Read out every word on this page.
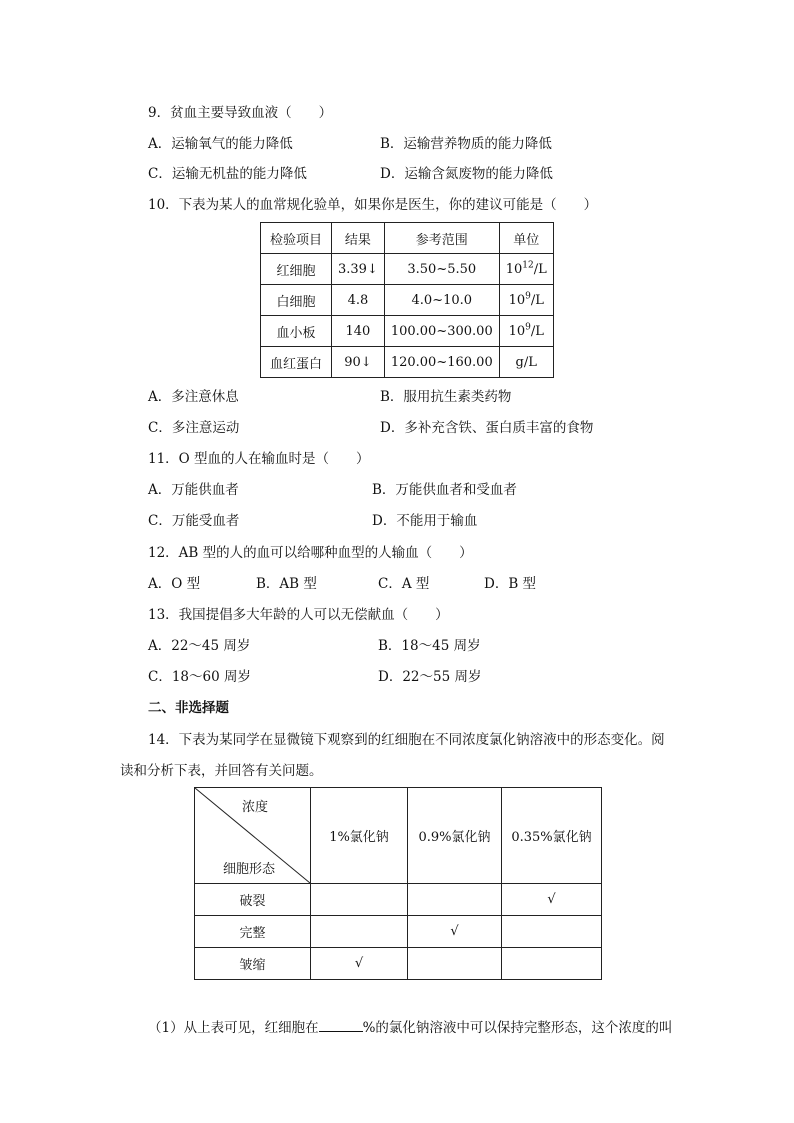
9．贫血主要导致血液（　　）
A．运输氧气的能力降低	B．运输营养物质的能力降低
C．运输无机盐的能力降低	D．运输含氮废物的能力降低
10．下表为某人的血常规化验单，如果你是医生，你的建议可能是（　　）
检验项目	结果	参考范围	单位
红细胞	3.39↓	3.50~5.50	$10^{12}/L$
白细胞	4.8	4.0~10.0	$10^9/L$
血小板	140	100.00~300.00	$10^9/L$
血红蛋白	90↓	120.00~160.00	g/L
A．多注意休息	B．服用抗生素类药物
C．多注意运动	D．多补充含铁、蛋白质丰富的食物
11．O 型血的人在输血时是（　　）
A．万能供血者	B．万能供血者和受血者
C．万能受血者	D．不能用于输血
12．AB 型的人的血可以给哪种血型的人输血（　　）
A．O 型	B．AB 型	C．A 型	D．B 型
13．我国提倡多大年龄的人可以无偿献血（　　）
A．22～45 周岁	B．18～45 周岁
C．18～60 周岁	D．22～55 周岁
二、非选择题
14．下表为某同学在显微镜下观察到的红细胞在不同浓度氯化钠溶液中的形态变化。阅
读和分析下表，并回答有关问题。
浓度
细胞形态	1%氯化钠	0.9%氯化钠	0.35%氯化钠
破裂			√
完整		√	
皱缩	√		
（1）从上表可见，红细胞在	%的氯化钠溶液中可以保持完整形态，这个浓度的叫
